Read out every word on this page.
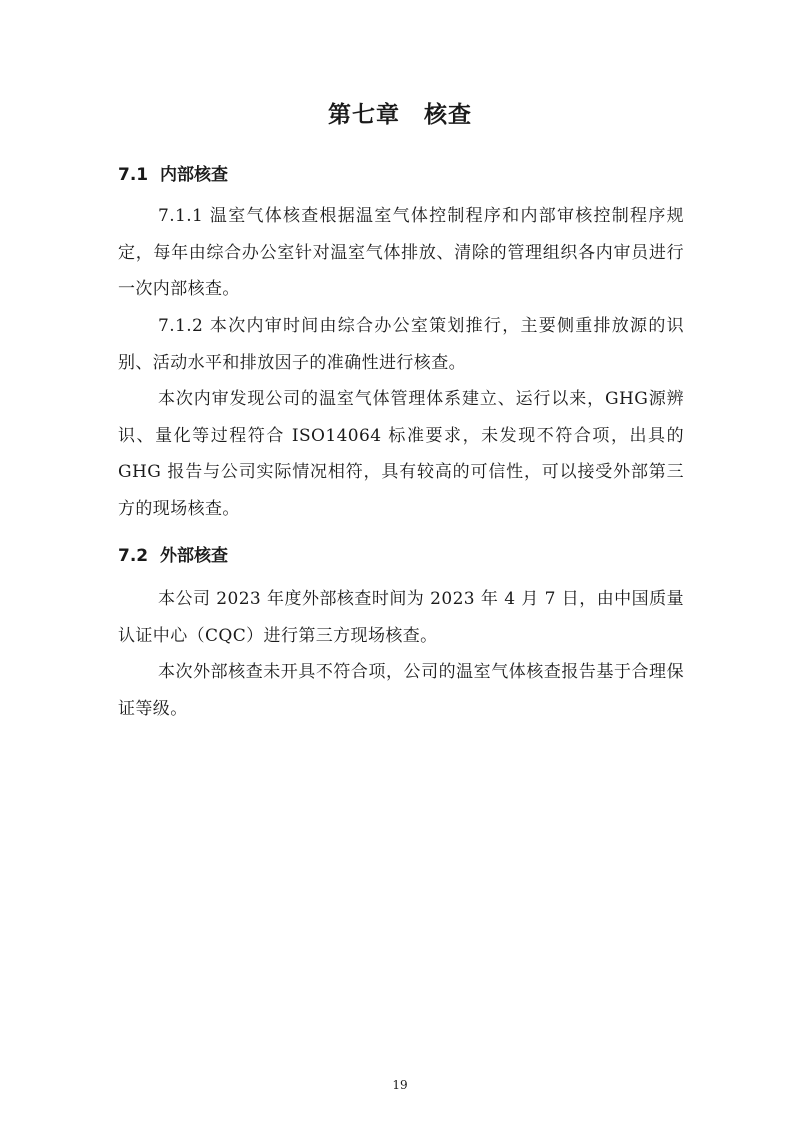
第七章　核查
7.1  内部核查
7.1.1 温室气体核查根据温室气体控制程序和内部审核控制程序规定，每年由综合办公室针对温室气体排放、清除的管理组织各内审员进行一次内部核查。
7.1.2 本次内审时间由综合办公室策划推行，主要侧重排放源的识别、活动水平和排放因子的准确性进行核查。
本次内审发现公司的温室气体管理体系建立、运行以来，GHG源辨识、量化等过程符合 ISO14064 标准要求，未发现不符合项，出具的 GHG 报告与公司实际情况相符，具有较高的可信性，可以接受外部第三方的现场核查。
7.2  外部核查
本公司 2023 年度外部核查时间为 2023 年 4 月 7 日，由中国质量认证中心（CQC）进行第三方现场核查。
本次外部核查未开具不符合项，公司的温室气体核查报告基于合理保证等级。
19
